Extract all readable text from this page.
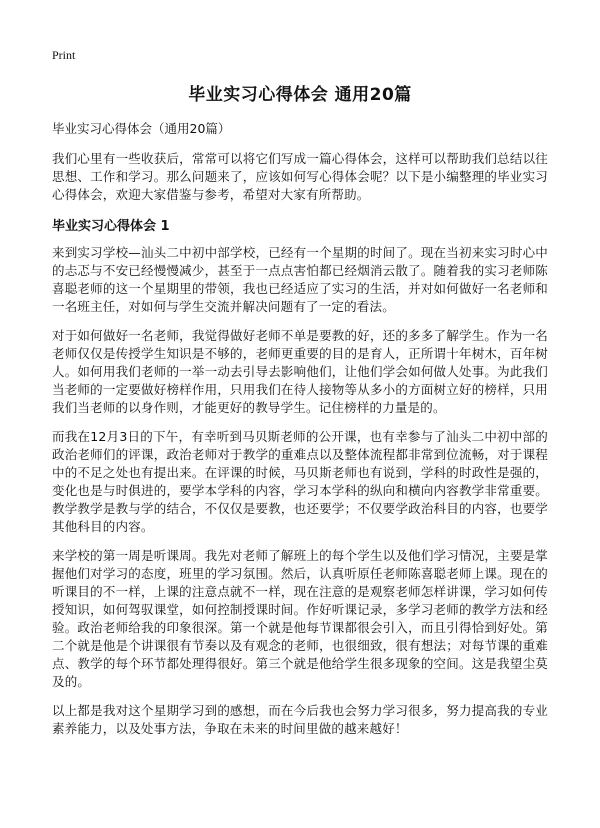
Print
毕业实习心得体会 通用20篇

毕业实习心得体会（通用20篇）

我们心里有一些收获后，常常可以将它们写成一篇心得体会，这样可以帮助我们总结以往思想、工作和学习。那么问题来了，应该如何写心得体会呢？以下是小编整理的毕业实习心得体会，欢迎大家借鉴与参考，希望对大家有所帮助。

毕业实习心得体会 1

来到实习学校—汕头二中初中部学校，已经有一个星期的时间了。现在当初来实习时心中的忐忑与不安已经慢慢减少，甚至于一点点害怕都已经烟消云散了。随着我的实习老师陈喜聪老师的这一个星期里的带领，我也已经适应了实习的生活，并对如何做好一名老师和一名班主任，对如何与学生交流并解决问题有了一定的看法。

对于如何做好一名老师，我觉得做好老师不单是要教的好，还的多多了解学生。作为一名老师仅仅是传授学生知识是不够的，老师更重要的目的是育人，正所谓十年树木，百年树人。如何用我们老师的一举一动去引导去影响他们，让他们学会如何做人处事。为此我们当老师的一定要做好榜样作用，只用我们在待人接物等从多小的方面树立好的榜样，只用我们当老师的以身作则，才能更好的教导学生。记住榜样的力量是的。

而我在12月3日的下午，有幸听到马贝斯老师的公开课，也有幸参与了汕头二中初中部的政治老师们的评课，政治老师对于教学的重难点以及整体流程都非常到位流畅，对于课程中的不足之处也有提出来。在评课的时候，马贝斯老师也有说到，学科的时政性是强的，变化也是与时俱进的，要学本学科的内容，学习本学科的纵向和横向内容教学非常重要。教学教学是教与学的结合，不仅仅是要教，也还要学；不仅要学政治科目的内容，也要学其他科目的内容。

来学校的第一周是听课周。我先对老师了解班上的每个学生以及他们学习情况，主要是掌握他们对学习的态度，班里的学习氛围。然后，认真听原任老师陈喜聪老师上课。现在的听课目的不一样，上课的注意点就不一样，现在注意的是观察老师怎样讲课，学习如何传授知识，如何驾驭课堂，如何控制授课时间。作好听课记录，多学习老师的教学方法和经验。政治老师给我的印象很深。第一个就是他每节课都很会引入，而且引得恰到好处。第二个就是他是个讲课很有节奏以及有观念的老师，也很细致，很有想法；对每节课的重难点、教学的每个环节都处理得很好。第三个就是他给学生很多现象的空间。这是我望尘莫及的。

以上都是我对这个星期学习到的感想，而在今后我也会努力学习很多，努力提高我的专业素养能力，以及处事方法，争取在未来的时间里做的越来越好！
